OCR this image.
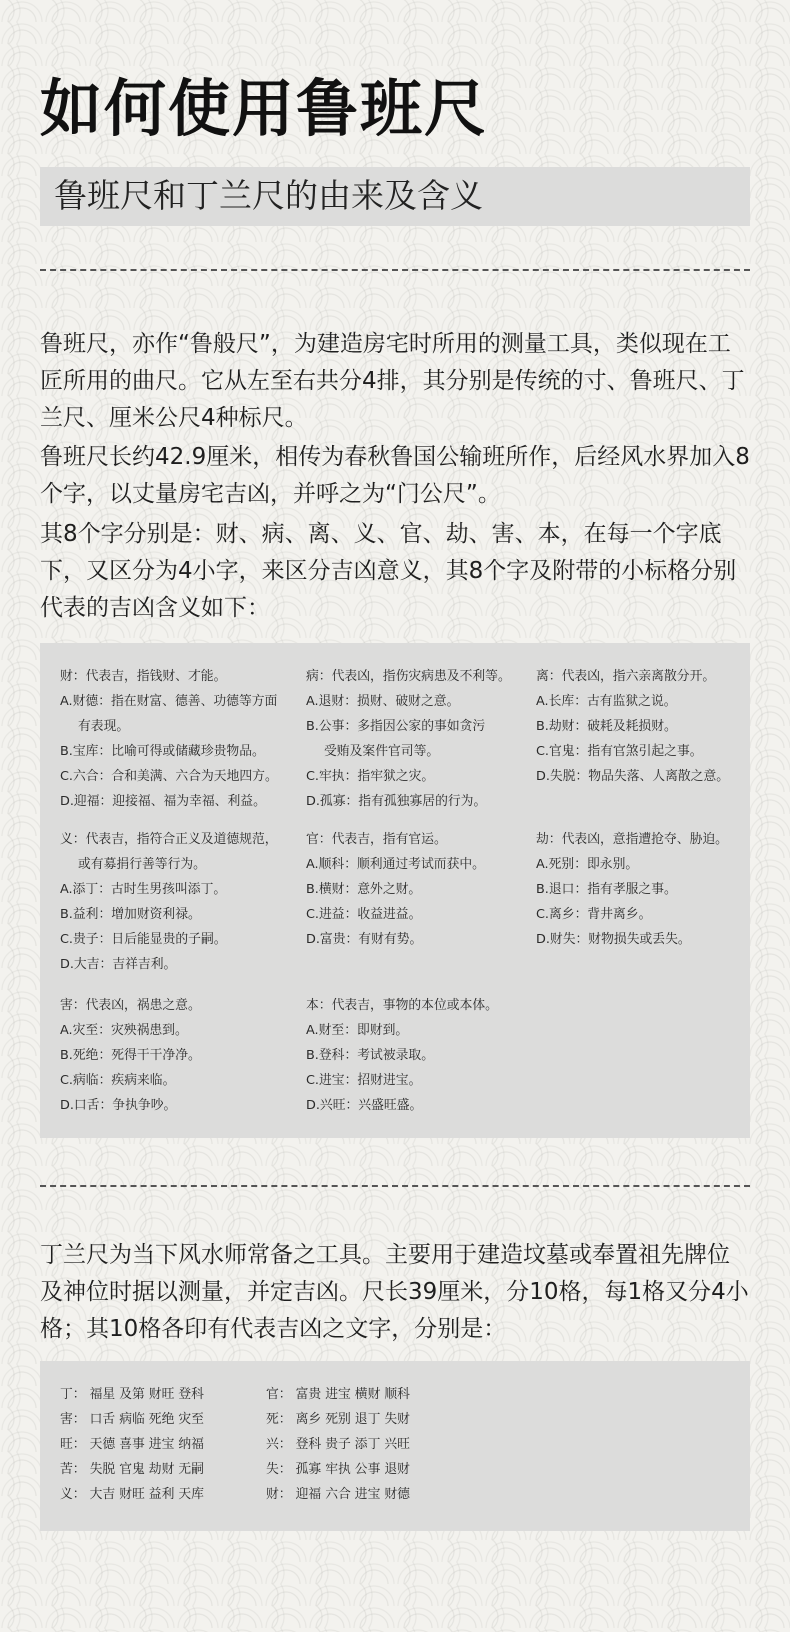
如何使用鲁班尺
鲁班尺和丁兰尺的由来及含义
鲁班尺，亦作“鲁般尺”，为建造房宅时所用的测量工具，类似现在工匠所用的曲尺。它从左至右共分4排，其分别是传统的寸、鲁班尺、丁兰尺、厘米公尺4种标尺。
鲁班尺长约42.9厘米，相传为春秋鲁国公输班所作，后经风水界加入8个字，以丈量房宅吉凶，并呼之为“门公尺”。
其8个字分别是：财、病、离、义、官、劫、害、本，在每一个字底下，又区分为4小字，来区分吉凶意义，其8个字及附带的小标格分别代表的吉凶含义如下：
财：代表吉，指钱财、才能。
A.财德：指在财富、德善、功德等方面
有表现。
B.宝库：比喻可得或储藏珍贵物品。
C.六合：合和美满、六合为天地四方。
D.迎福：迎接福、福为幸福、利益。
病：代表凶，指伤灾病患及不利等。
A.退财：损财、破财之意。
B.公事：多指因公家的事如贪污
受贿及案件官司等。
C.牢执：指牢狱之灾。
D.孤寡：指有孤独寡居的行为。
离：代表凶，指六亲离散分开。
A.长库：古有监狱之说。
B.劫财：破耗及耗损财。
C.官鬼：指有官煞引起之事。
D.失脱：物品失落、人离散之意。
义：代表吉，指符合正义及道德规范，
或有募捐行善等行为。
A.添丁：古时生男孩叫添丁。
B.益利：增加财资利禄。
C.贵子：日后能显贵的子嗣。
D.大吉：吉祥吉利。
官：代表吉，指有官运。
A.顺科：顺利通过考试而获中。
B.横财：意外之财。
C.进益：收益进益。
D.富贵：有财有势。
劫：代表凶，意指遭抢夺、胁迫。
A.死别：即永别。
B.退口：指有孝服之事。
C.离乡：背井离乡。
D.财失：财物损失或丢失。
害：代表凶，祸患之意。
A.灾至：灾殃祸患到。
B.死绝：死得干干净净。
C.病临：疾病来临。
D.口舌：争执争吵。
本：代表吉，事物的本位或本体。
A.财至：即财到。
B.登科：考试被录取。
C.进宝：招财进宝。
D.兴旺：兴盛旺盛。
丁兰尺为当下风水师常备之工具。主要用于建造坟墓或奉置祖先牌位及神位时据以测量，并定吉凶。尺长39厘米，分10格，每1格又分4小格；其10格各印有代表吉凶之文字，分别是：
丁： 福星 及第 财旺 登科
害： 口舌 病临 死绝 灾至
旺： 天德 喜事 进宝 纳福
苦： 失脱 官鬼 劫财 无嗣
义： 大吉 财旺 益利 天库
官： 富贵 进宝 横财 顺科
死： 离乡 死别 退丁 失财
兴： 登科 贵子 添丁 兴旺
失： 孤寡 牢执 公事 退财
财： 迎福 六合 进宝 财德
